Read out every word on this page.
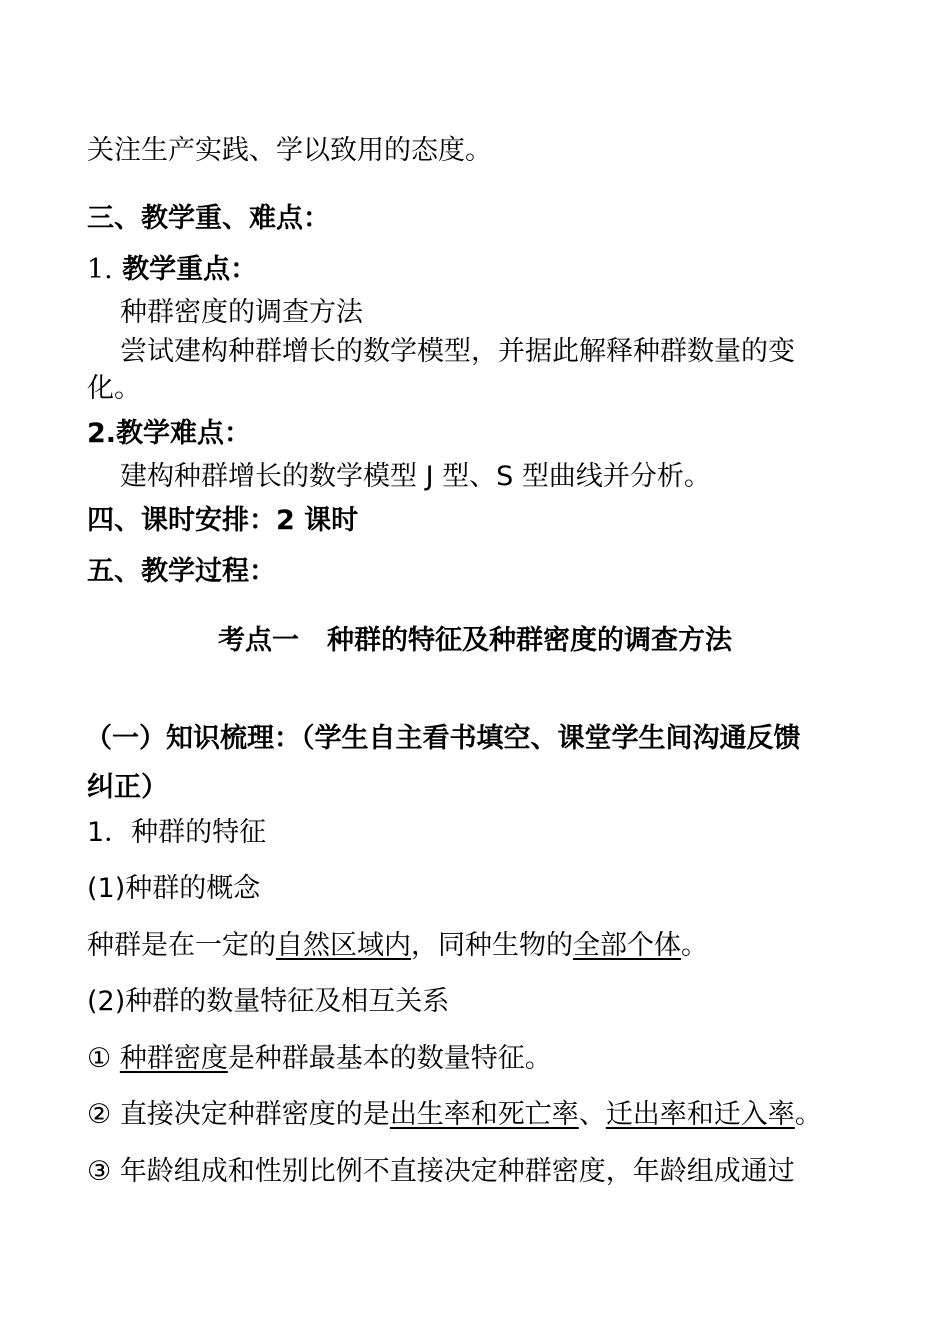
关注生产实践、学以致用的态度。
三、教学重、难点：
1. 教学重点：
种群密度的调查方法
尝试建构种群增长的数学模型，并据此解释种群数量的变
化。
2.教学难点：
建构种群增长的数学模型 J 型、S 型曲线并分析。
四、课时安排：2 课时
五、教学过程：
考点一 种群的特征及种群密度的调查方法
（一）知识梳理：（学生自主看书填空、课堂学生间沟通反馈
纠正）
1．种群的特征
(1)种群的概念
种群是在一定的自然区域内，同种生物的全部个体。
(2)种群的数量特征及相互关系
① 种群密度是种群最基本的数量特征。
② 直接决定种群密度的是出生率和死亡率、迁出率和迁入率。
③ 年龄组成和性别比例不直接决定种群密度，年龄组成通过
